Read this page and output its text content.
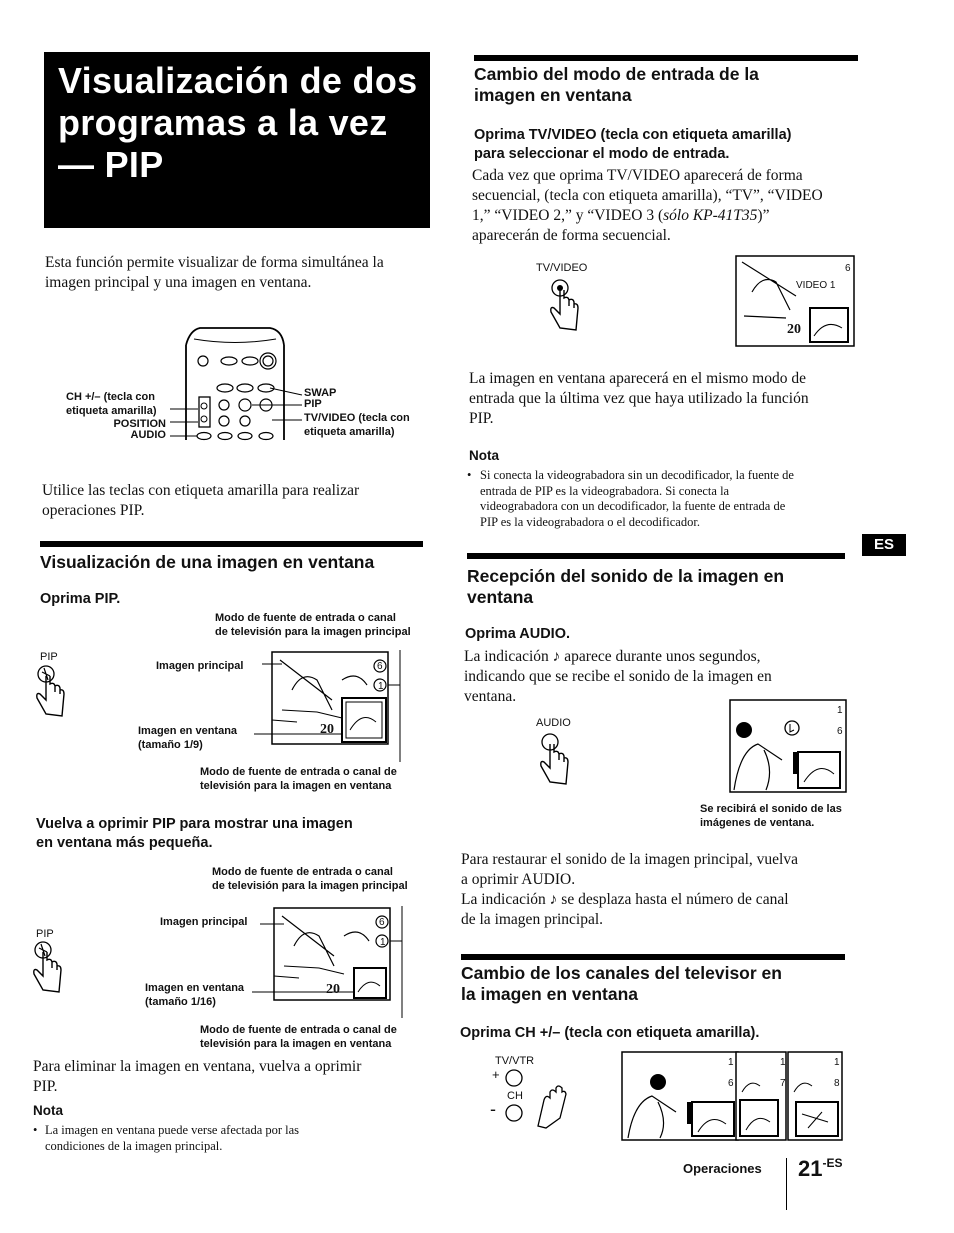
Visualización de dos
programas a la vez
— PIP
Esta función permite visualizar de forma simultánea la
imagen principal y una imagen en ventana.
CH +/– (tecla con
etiqueta amarilla)
POSITION
AUDIO
SWAP
PIP
TV/VIDEO (tecla con
etiqueta amarilla)
Utilice las teclas con etiqueta amarilla para realizar
operaciones PIP.
Visualización de una imagen en ventana
Oprima PIP.
Modo de fuente de entrada o canal
de televisión para la imagen principal
PIP
Imagen principal
Imagen en ventana
(tamaño 1/9)
Modo de fuente de entrada o canal de
televisión para la imagen en ventana
6
1
20
Vuelva a oprimir PIP para mostrar una imagen
en ventana más pequeña.
Modo de fuente de entrada o canal
de televisión para la imagen principal
Imagen principal
PIP
Imagen en ventana
(tamaño 1/16)
Modo de fuente de entrada o canal de
televisión para la imagen en ventana
6
1
20
Para eliminar la imagen en ventana, vuelva a oprimir
PIP.
Nota
• La imagen en ventana puede verse afectada por las
condiciones de la imagen principal.
Cambio del modo de entrada de la
imagen en ventana
Oprima TV/VIDEO (tecla con etiqueta amarilla)
para seleccionar el modo de entrada.
Cada vez que oprima TV/VIDEO aparecerá de forma
secuencial, (tecla con etiqueta amarilla), “TV”, “VIDEO
1,” “VIDEO 2,” y “VIDEO 3 (sólo KP-41T35)”
aparecerán de forma secuencial.
TV/VIDEO
VIDEO 1
6
20
La imagen en ventana aparecerá en el mismo modo de
entrada que la última vez que haya utilizado la función
PIP.
Nota
• Si conecta la videograbadora sin un decodificador, la fuente de
entrada de PIP es la videograbadora. Si conecta la
videograbadora con un decodificador, la fuente de entrada de
PIP es la videograbadora o el decodificador.
ES
Recepción del sonido de la imagen en
ventana
Oprima AUDIO.
La indicación ♪ aparece durante unos segundos,
indicando que se recibe el sonido de la imagen en
ventana.
AUDIO
1
6
Se recibirá el sonido de las
imágenes de ventana.
Para restaurar el sonido de la imagen principal, vuelva
a oprimir AUDIO.
La indicación ♪ se desplaza hasta el número de canal
de la imagen principal.
Cambio de los canales del televisor en
la imagen en ventana
Oprima CH +/– (tecla con etiqueta amarilla).
TV/VTR
CH
+
-
1
6
1
7
1
8
Operaciones $21^{-ES}$
